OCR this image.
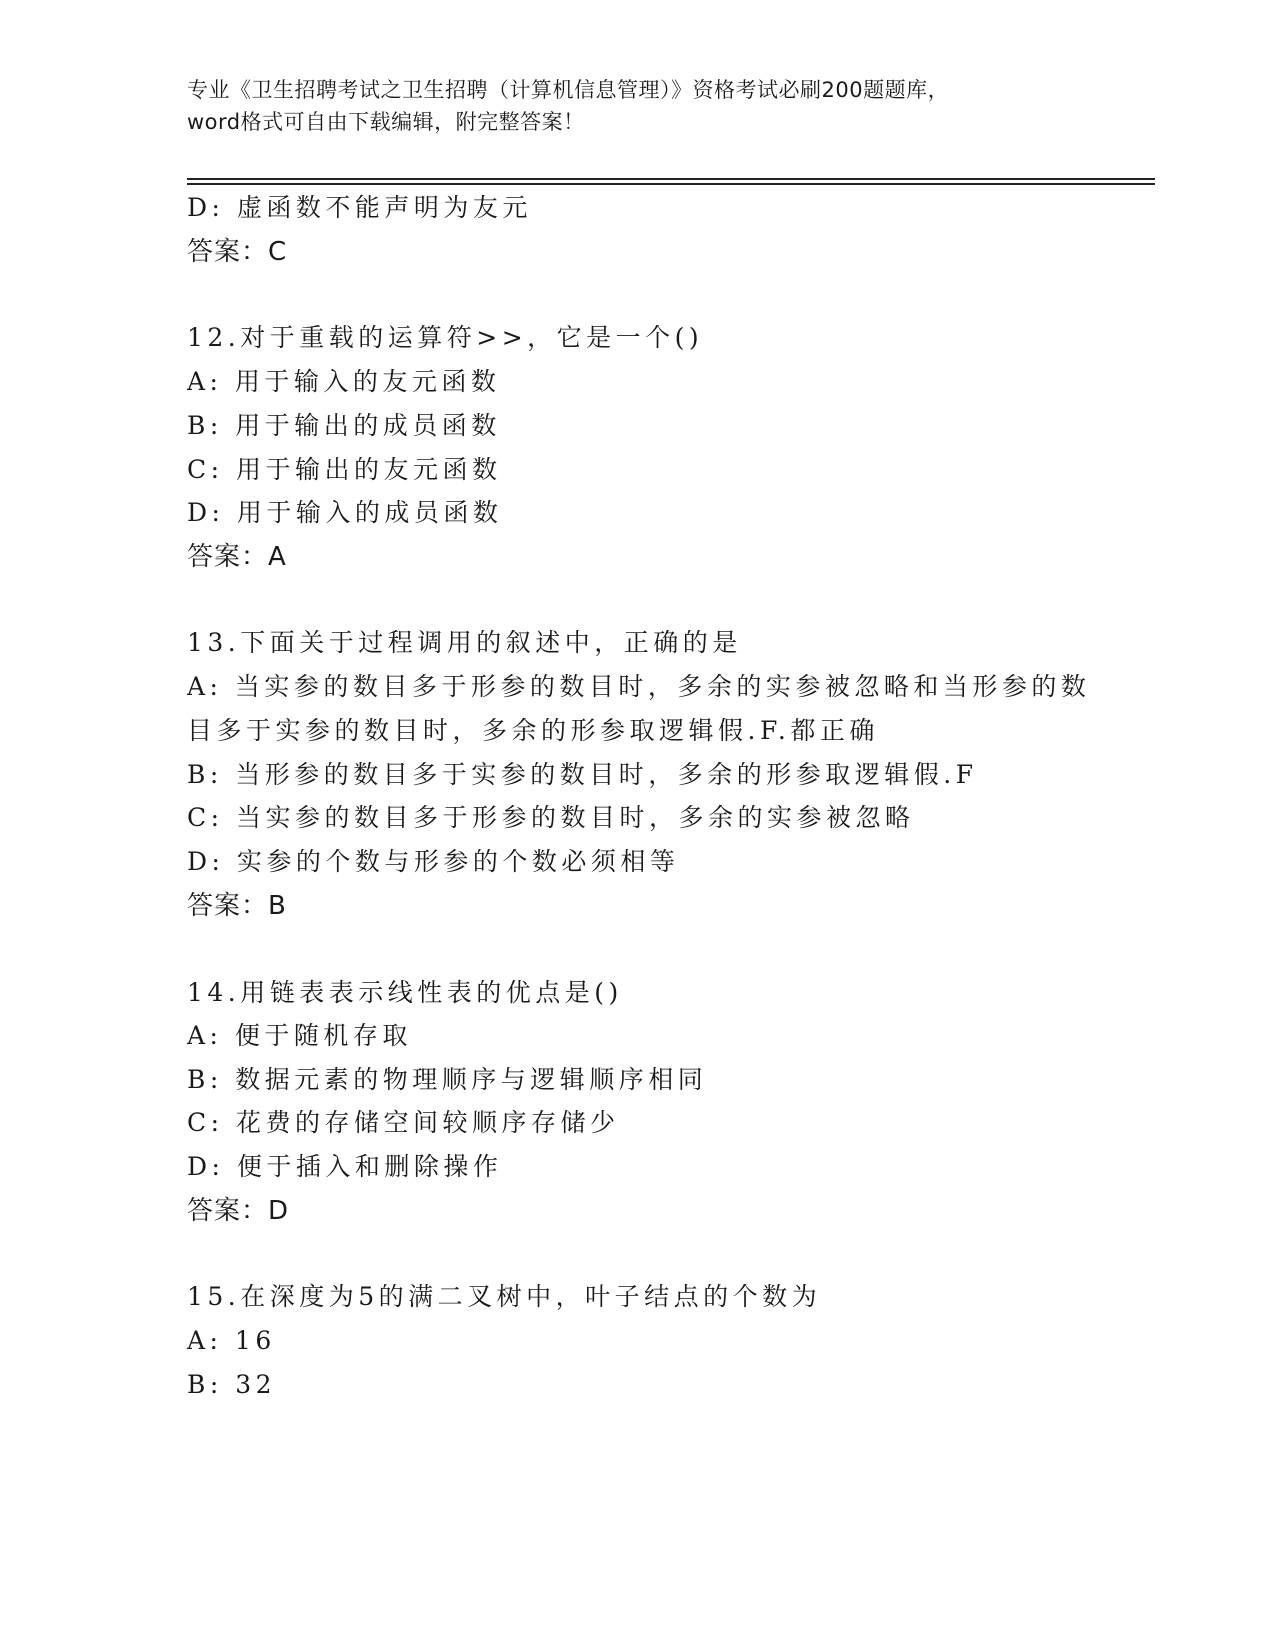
专业《卫生招聘考试之卫生招聘（计算机信息管理）》资格考试必刷200题题库，
word格式可自由下载编辑，附完整答案！
D: 虚函数不能声明为友元
答案：C
12.对于重载的运算符>>，它是一个()
A: 用于输入的友元函数
B: 用于输出的成员函数
C: 用于输出的友元函数
D: 用于输入的成员函数
答案：A
13.下面关于过程调用的叙述中，正确的是
A: 当实参的数目多于形参的数目时，多余的实参被忽略和当形参的数
目多于实参的数目时，多余的形参取逻辑假.F.都正确
B: 当形参的数目多于实参的数目时，多余的形参取逻辑假.F
C: 当实参的数目多于形参的数目时，多余的实参被忽略
D: 实参的个数与形参的个数必须相等
答案：B
14.用链表表示线性表的优点是()
A: 便于随机存取
B: 数据元素的物理顺序与逻辑顺序相同
C: 花费的存储空间较顺序存储少
D: 便于插入和删除操作
答案：D
15.在深度为5的满二叉树中，叶子结点的个数为
A: 16
B: 32
